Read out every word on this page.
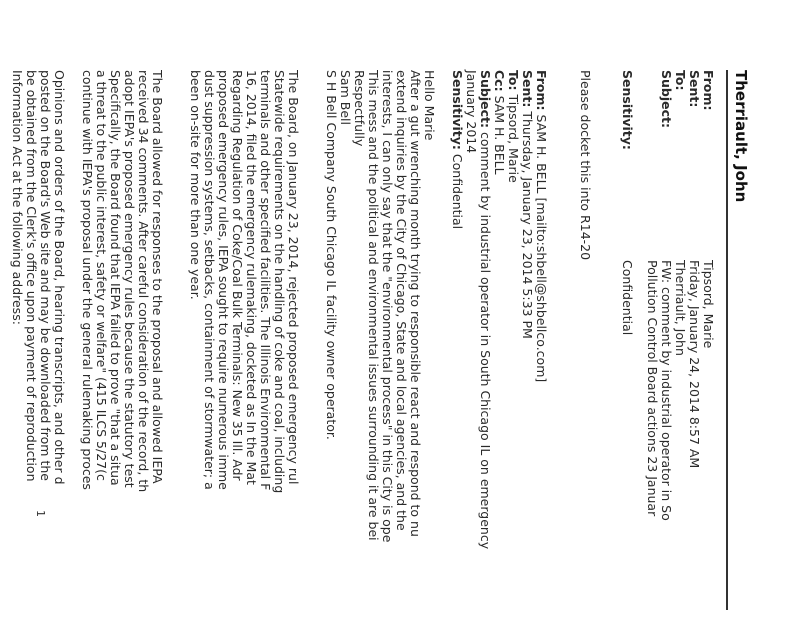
Therriault, John
From:
Tipsord, Marie
Sent:
Friday, January 24, 2014 8:57 AM
To:
Therriault, John
Subject:
FW: comment by industrial operator in So
Pollution Control Board actions 23 Januar
Sensitivity:
Confidential
Please docket this into R14-20
From: SAM H. BELL [mailto:shbell@shbellco.com]
Sent: Thursday, January 23, 2014 5:33 PM
To: Tipsord, Marie
Cc: SAM H. BELL
Subject: comment by industrial operator in South Chicago IL on emergency
January 2014
Sensitivity: Confidential
Hello Marie
After a gut wrenching month trying to responsible react and respond to nu
extend inquiries by the City of Chicago, State and local agencies, and the
interests, I can only say that the "environmental process" in this City is ope
This mess and the political and environmental issues surrounding it are bei
Respectfully
Sam Bell
S H Bell Company South Chicago IL facility owner operator.
The Board, on January 23, 2014, rejected proposed emergency rul
Statewide requirements on the handling of coke and coal, including
terminals and other specified facilities. The Illinois Environmental F
16, 2014, filed the emergency rulemaking, docketed as In the Mat
Regarding Regulation of Coke/Coal Bulk Terminals: New 35 Ill. Adr
proposed emergency rules, IEPA sought to require numerous imme
dust suppression systems, setbacks, containment of stormwater; a
been on-site for more than one year.
The Board allowed for responses to the proposal and allowed IEPA
received 34 comments. After careful consideration of the record, th
adopt IEPA's proposed emergency rules because the statutory test
Specifically, the Board found that IEPA failed to prove "that a situa
a threat to the public interest, safety or welfare" (415 ILCS 5/27(c
continue with IEPA's proposal under the general rulemaking proces
Opinions and orders of the Board, hearing transcripts, and other d
posted on the Board's Web site and may be downloaded from the
be obtained from the Clerk's office upon payment of reproduction
Information Act at the following address:
1
